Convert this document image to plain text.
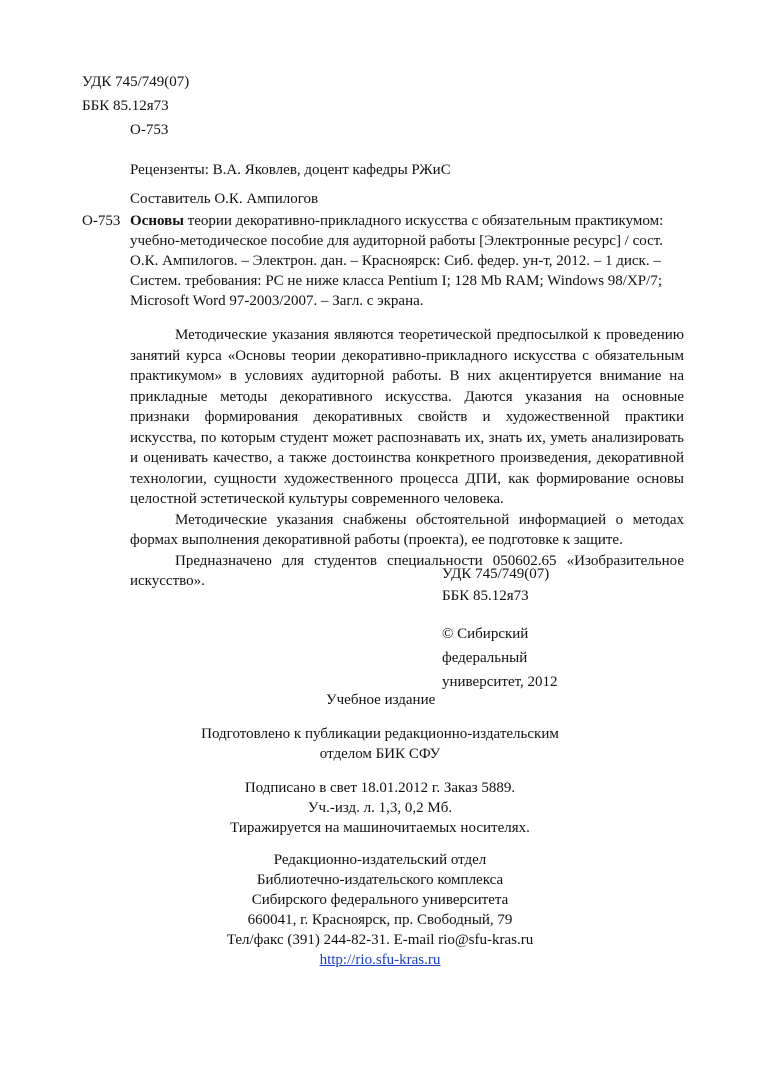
УДК 745/749(07)
ББК 85.12я73
О-753
Рецензенты: В.А. Яковлев, доцент кафедры РЖиС
Составитель О.К. Ампилогов
О-753 Основы теории декоративно-прикладного искусства с обязательным практикумом:
учебно-методическое пособие для аудиторной работы [Электронные ресурс] / сост.
О.К. Ампилогов. – Электрон. дан. – Красноярск: Сиб. федер. ун-т, 2012. – 1 диск. –
Систем. требования: PC не ниже класса Pentium I; 128 Mb RAM; Windows 98/XP/7;
Microsoft Word 97-2003/2007. – Загл. с экрана.

Методические указания являются теоретической предпосылкой к проведению занятий курса «Основы теории декоративно-прикладного искусства с обязательным практикумом» в условиях аудиторной работы. В них акцентируется внимание на прикладные методы декоративного искусства. Даются указания на основные признаки формирования декоративных свойств и художественной практики искусства, по которым студент может распознавать их, знать их, уметь анализировать и оценивать качество, а также достоинства конкретного произведения, декоративной технологии, сущности художественного процесса ДПИ, как формирование основы целостной эстетической культуры современного человека.

Методические указания снабжены обстоятельной информацией о методах формах выполнения декоративной работы (проекта), ее подготовке к защите.

Предназначено для студентов специальности 050602.65 «Изобразительное искусство».	УДК 745/749(07)
ББК 85.12я73
© Сибирский
федеральный
университет, 2012
Учебное издание
Подготовлено к публикации редакционно-издательским
отделом БИК СФУ
Подписано в свет 18.01.2012 г. Заказ 5889.
Уч.-изд. л. 1,3, 0,2 Мб.
Тиражируется на машиночитаемых носителях.
Редакционно-издательский отдел
Библиотечно-издательского комплекса
Сибирского федерального университета
660041, г. Красноярск, пр. Свободный, 79
Тел/факс (391) 244-82-31. E-mail rio@sfu-kras.ru
http://rio.sfu-kras.ru
